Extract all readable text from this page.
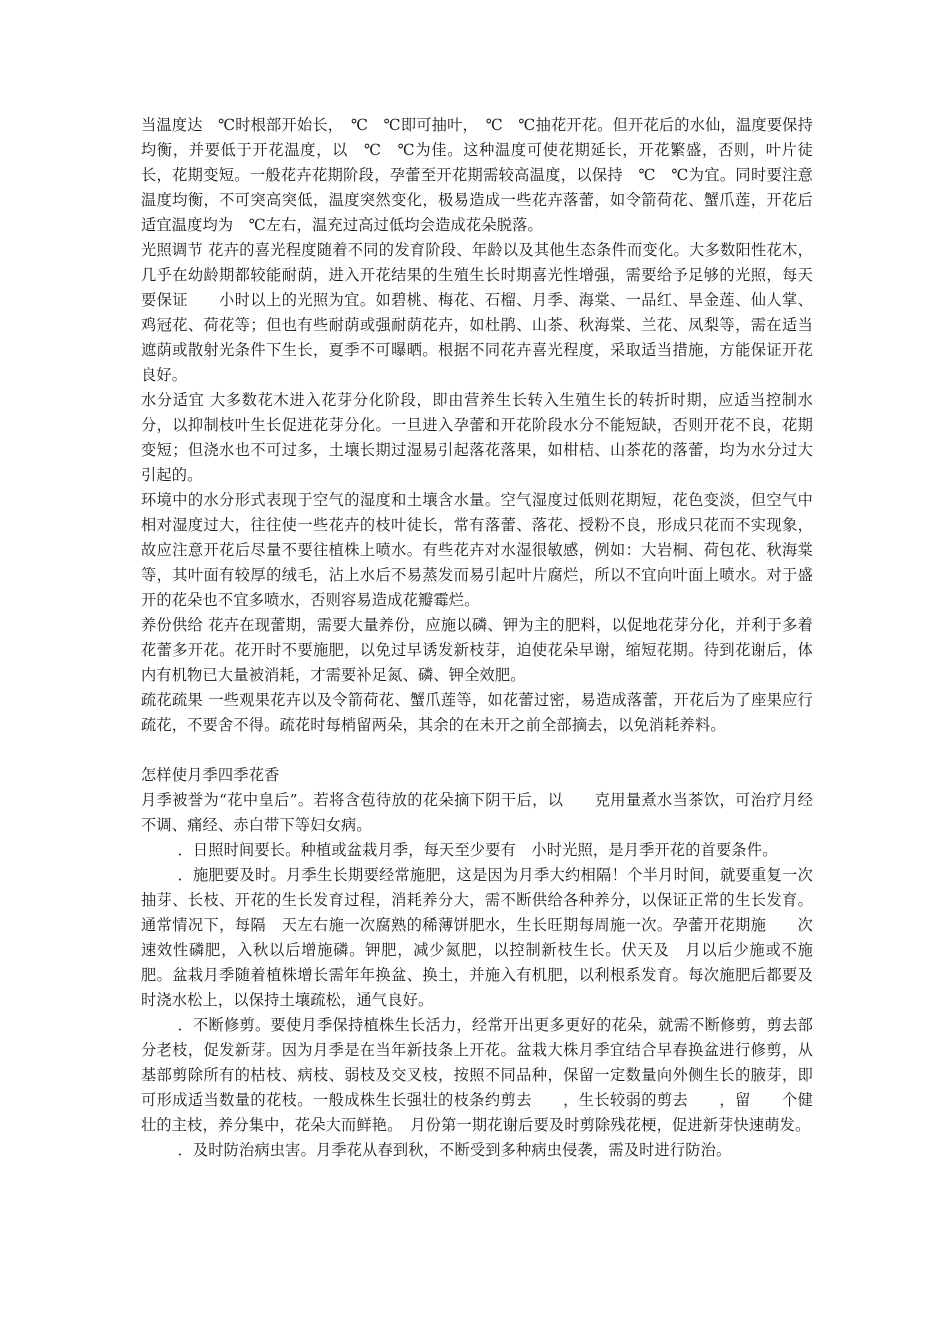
当温度达　℃时根部开始长，　℃　℃即可抽叶，　℃　℃抽花开花。但开花后的水仙，温度要保持均衡，并要低于开花温度，以　℃　℃为佳。这种温度可使花期延长，开花繁盛，否则，叶片徒长，花期变短。一般花卉花期阶段，孕蕾至开花期需较高温度，以保持　℃　℃为宜。同时要注意温度均衡，不可突高突低，温度突然变化，极易造成一些花卉落蕾，如令箭荷花、蟹爪莲，开花后适宜温度均为　℃左右，温充过高过低均会造成花朵脱落。

光照调节 花卉的喜光程度随着不同的发育阶段、年龄以及其他生态条件而变化。大多数阳性花木，几乎在幼龄期都较能耐荫，进入开花结果的生殖生长时期喜光性增强，需要给予足够的光照，每天要保证　　小时以上的光照为宜。如碧桃、梅花、石榴、月季、海棠、一品红、旱金莲、仙人掌、鸡冠花、荷花等；但也有些耐荫或强耐荫花卉，如杜鹃、山茶、秋海棠、兰花、凤梨等，需在适当遮荫或散射光条件下生长，夏季不可曝晒。根据不同花卉喜光程度，采取适当措施，方能保证开花良好。

水分适宜 大多数花木进入花芽分化阶段，即由营养生长转入生殖生长的转折时期，应适当控制水分，以抑制枝叶生长促进花芽分化。一旦进入孕蕾和开花阶段水分不能短缺，否则开花不良，花期变短；但浇水也不可过多，土壤长期过湿易引起落花落果，如柑桔、山茶花的落蕾，均为水分过大引起的。

环境中的水分形式表现于空气的湿度和土壤含水量。空气湿度过低则花期短，花色变淡，但空气中相对湿度过大，往往使一些花卉的枝叶徒长，常有落蕾、落花、授粉不良，形成只花而不实现象，故应注意开花后尽量不要往植株上喷水。有些花卉对水湿很敏感，例如：大岩桐、荷包花、秋海棠等，其叶面有较厚的绒毛，沾上水后不易蒸发而易引起叶片腐烂，所以不宜向叶面上喷水。对于盛开的花朵也不宜多喷水，否则容易造成花瓣霉烂。

养份供给 花卉在现蕾期，需要大量养份，应施以磷、钾为主的肥料，以促地花芽分化，并利于多着花蕾多开花。花开时不要施肥，以免过早诱发新枝芽，迫使花朵早谢，缩短花期。待到花谢后，体内有机物已大量被消耗，才需要补足氮、磷、钾全效肥。

疏花疏果 一些观果花卉以及令箭荷花、蟹爪莲等，如花蕾过密，易造成落蕾，开花后为了座果应行疏花，不要舍不得。疏花时每梢留两朵，其余的在未开之前全部摘去，以免消耗养料。

怎样使月季四季花香

月季被誉为“花中皇后”。若将含苞待放的花朵摘下阴干后，以　　克用量煮水当茶饮，可治疗月经不调、痛经、赤白带下等妇女病。

．日照时间要长。种植或盆栽月季，每天至少要有　小时光照，是月季开花的首要条件。

．施肥要及时。月季生长期要经常施肥，这是因为月季大约相隔！个半月时间，就要重复一次抽芽、长枝、开花的生长发育过程，消耗养分大，需不断供给各种养分，以保证正常的生长发育。通常情况下，每隔　天左右施一次腐熟的稀薄饼肥水，生长旺期每周施一次。孕蕾开花期施　　次速效性磷肥，入秋以后增施磷。钾肥，减少氮肥，以控制新枝生长。伏天及　月以后少施或不施肥。盆栽月季随着植株增长需年年换盆、换土，并施入有机肥，以利根系发育。每次施肥后都要及时浇水松上，以保持土壤疏松，通气良好。

．不断修剪。要使月季保持植株生长活力，经常开出更多更好的花朵，就需不断修剪，剪去部分老枝，促发新芽。因为月季是在当年新技条上开花。盆栽大株月季宜结合早春换盆进行修剪，从基部剪除所有的枯枝、病枝、弱枝及交叉枝，按照不同品种，保留一定数量向外侧生长的腋芽，即可形成适当数量的花枝。一般成株生长强壮的枝条约剪去　　，生长较弱的剪去　　，留　　个健壮的主枝，养分集中，花朵大而鲜艳。　月份第一期花谢后要及时剪除残花梗，促进新芽快速萌发。

．及时防治病虫害。月季花从春到秋，不断受到多种病虫侵袭，需及时进行防治。
